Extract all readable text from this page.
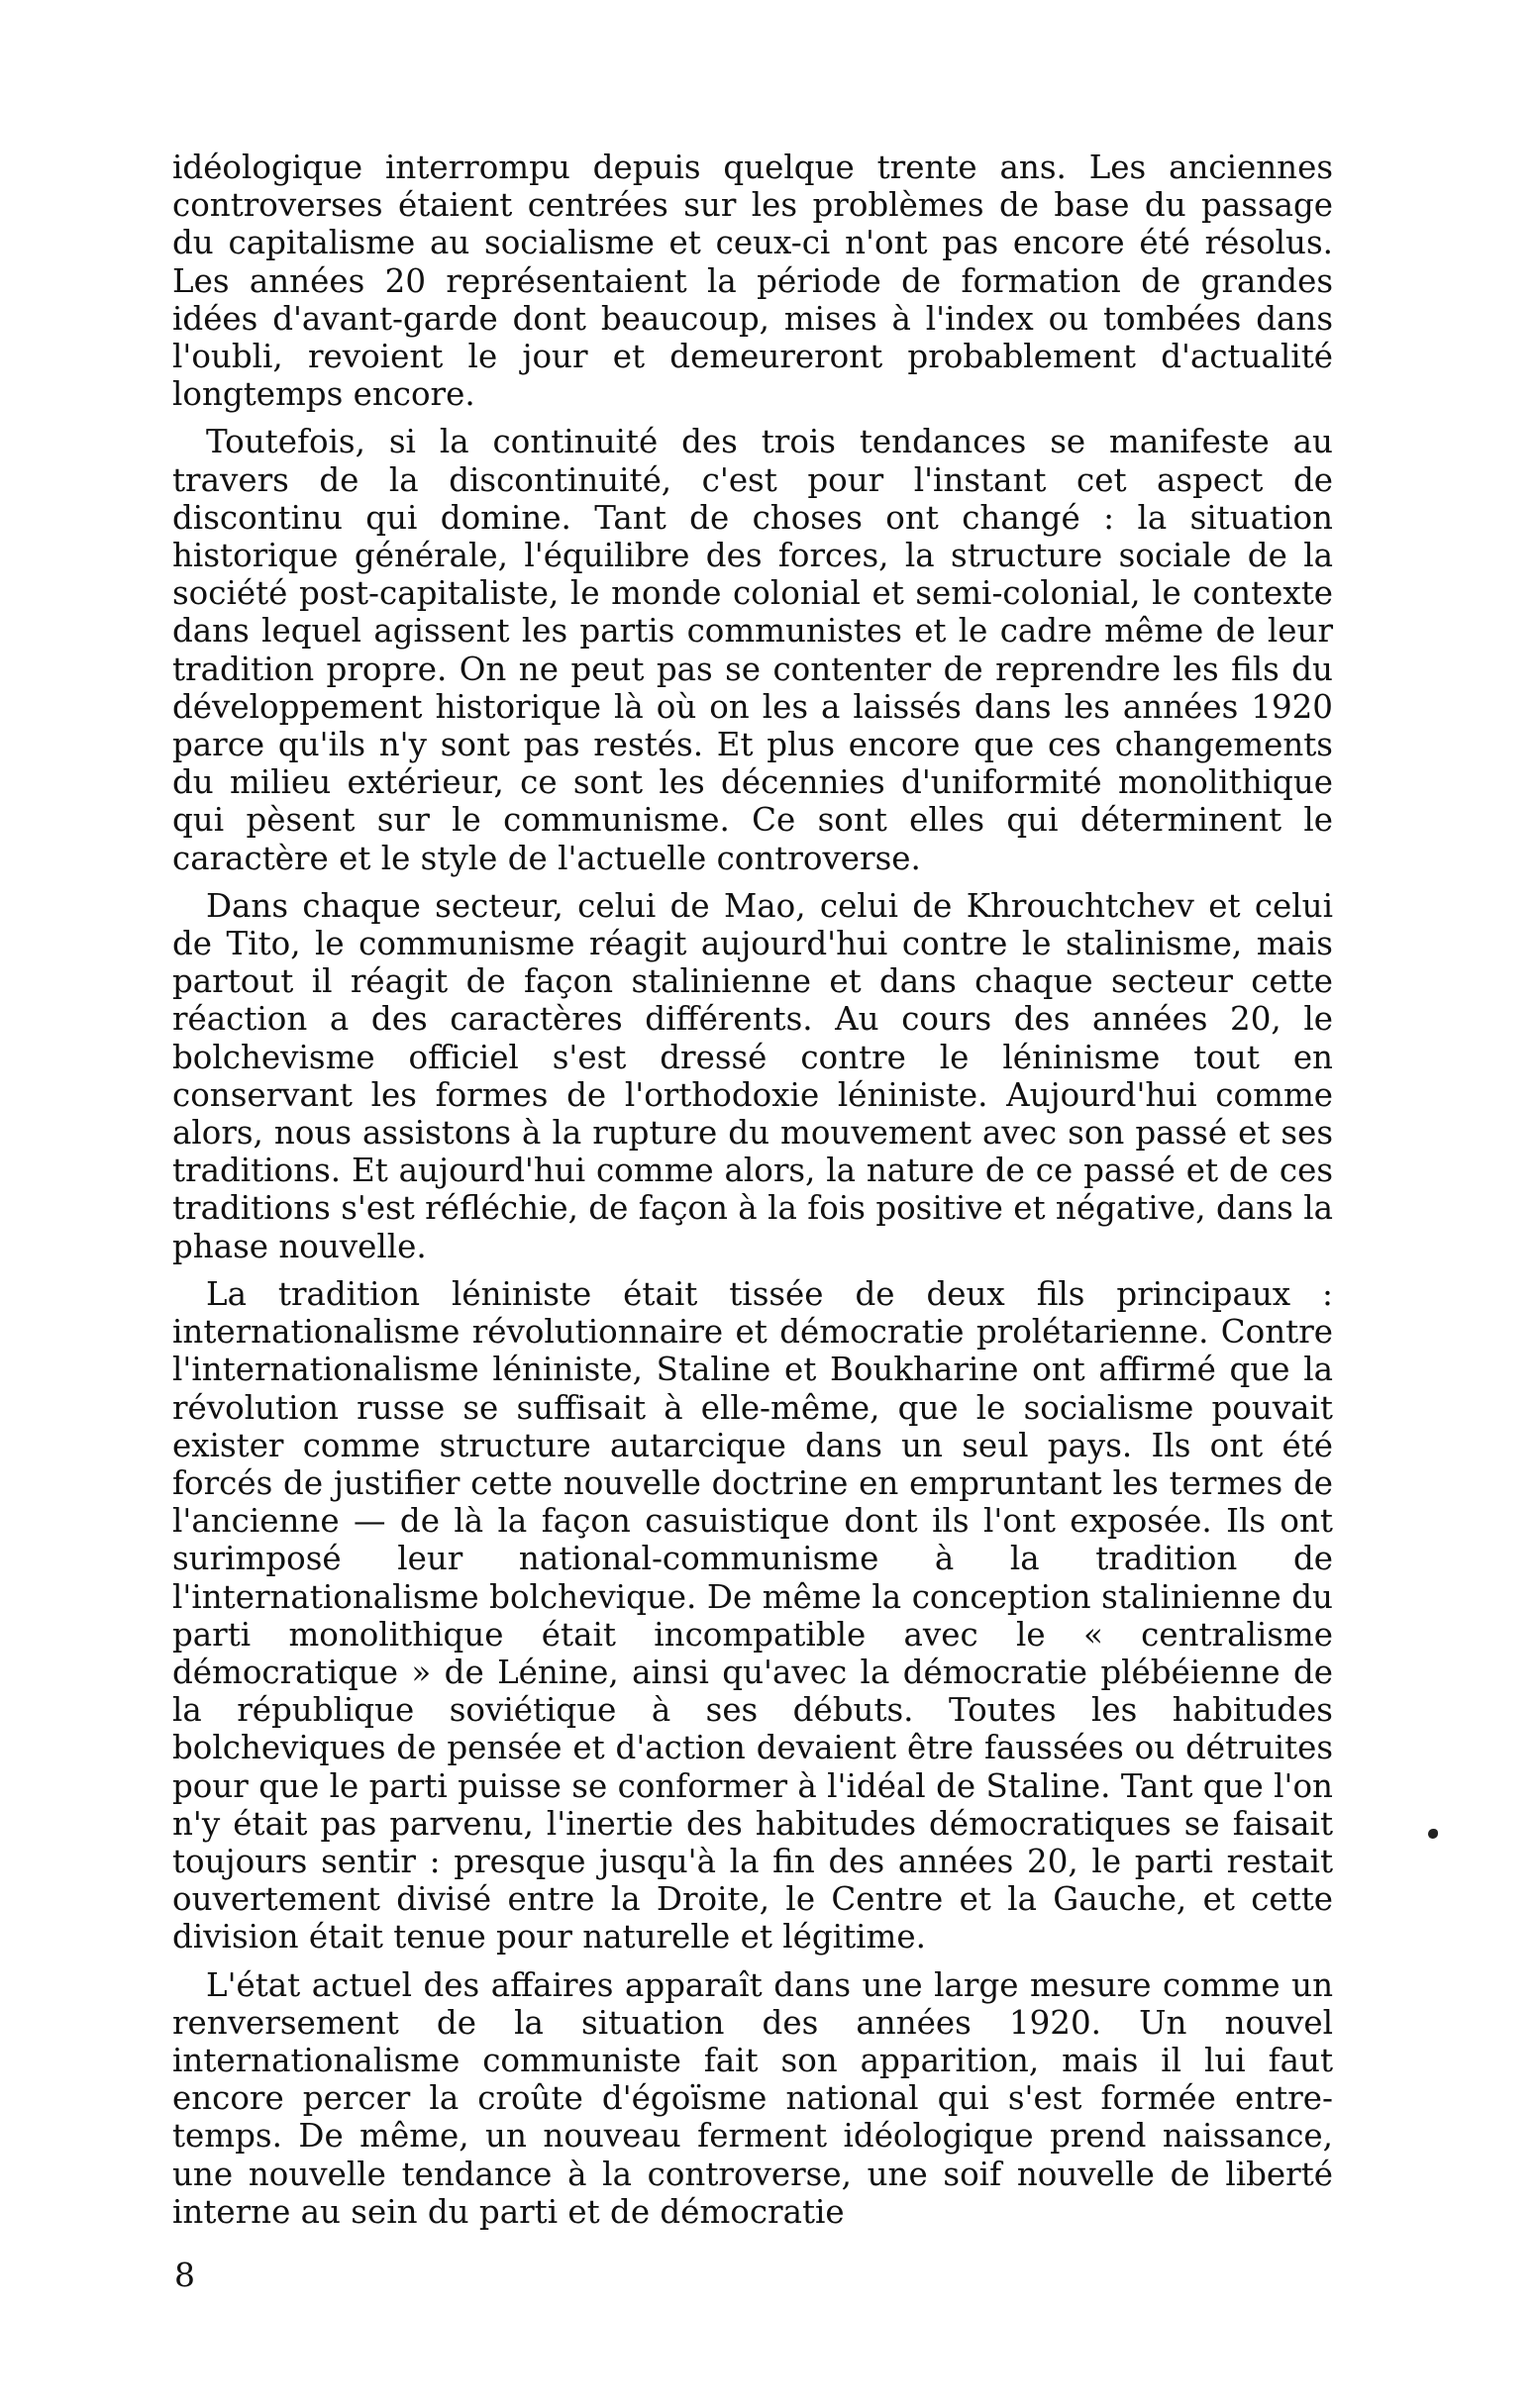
idéologique interrompu depuis quelque trente ans. Les anciennes controverses étaient centrées sur les problèmes de base du passage du capitalisme au socialisme et ceux-ci n'ont pas encore été résolus. Les années 20 représentaient la période de formation de grandes idées d'avant-garde dont beaucoup, mises à l'index ou tombées dans l'oubli, revoient le jour et demeureront probablement d'actualité longtemps encore.

Toutefois, si la continuité des trois tendances se manifeste au travers de la discontinuité, c'est pour l'instant cet aspect de discontinu qui domine. Tant de choses ont changé : la situation historique générale, l'équilibre des forces, la structure sociale de la société post-capitaliste, le monde colonial et semi-colonial, le contexte dans lequel agissent les partis communistes et le cadre même de leur tradition propre. On ne peut pas se contenter de reprendre les fils du développement historique là où on les a laissés dans les années 1920 parce qu'ils n'y sont pas restés. Et plus encore que ces changements du milieu extérieur, ce sont les décennies d'uniformité monolithique qui pèsent sur le communisme. Ce sont elles qui déterminent le caractère et le style de l'actuelle controverse.

Dans chaque secteur, celui de Mao, celui de Khrouchtchev et celui de Tito, le communisme réagit aujourd'hui contre le stalinisme, mais partout il réagit de façon stalinienne et dans chaque secteur cette réaction a des caractères différents. Au cours des années 20, le bolchevisme officiel s'est dressé contre le léninisme tout en conservant les formes de l'orthodoxie léniniste. Aujourd'hui comme alors, nous assistons à la rupture du mouvement avec son passé et ses traditions. Et aujourd'hui comme alors, la nature de ce passé et de ces traditions s'est réfléchie, de façon à la fois positive et négative, dans la phase nouvelle.

La tradition léniniste était tissée de deux fils principaux : internationalisme révolutionnaire et démocratie prolétarienne. Contre l'internationalisme léniniste, Staline et Boukharine ont affirmé que la révolution russe se suffisait à elle-même, que le socialisme pouvait exister comme structure autarcique dans un seul pays. Ils ont été forcés de justifier cette nouvelle doctrine en empruntant les termes de l'ancienne — de là la façon casuistique dont ils l'ont exposée. Ils ont surimposé leur national-communisme à la tradition de l'internationalisme bolchevique. De même la conception stalinienne du parti monolithique était incompatible avec le « centralisme démocratique » de Lénine, ainsi qu'avec la démocratie plébéienne de la république soviétique à ses débuts. Toutes les habitudes bolcheviques de pensée et d'action devaient être faussées ou détruites pour que le parti puisse se conformer à l'idéal de Staline. Tant que l'on n'y était pas parvenu, l'inertie des habitudes démocratiques se faisait toujours sentir : presque jusqu'à la fin des années 20, le parti restait ouvertement divisé entre la Droite, le Centre et la Gauche, et cette division était tenue pour naturelle et légitime.

L'état actuel des affaires apparaît dans une large mesure comme un renversement de la situation des années 1920. Un nouvel internationalisme communiste fait son apparition, mais il lui faut encore percer la croûte d'égoïsme national qui s'est formée entre-temps. De même, un nouveau ferment idéologique prend naissance, une nouvelle tendance à la controverse, une soif nouvelle de liberté interne au sein du parti et de démocratie

8
